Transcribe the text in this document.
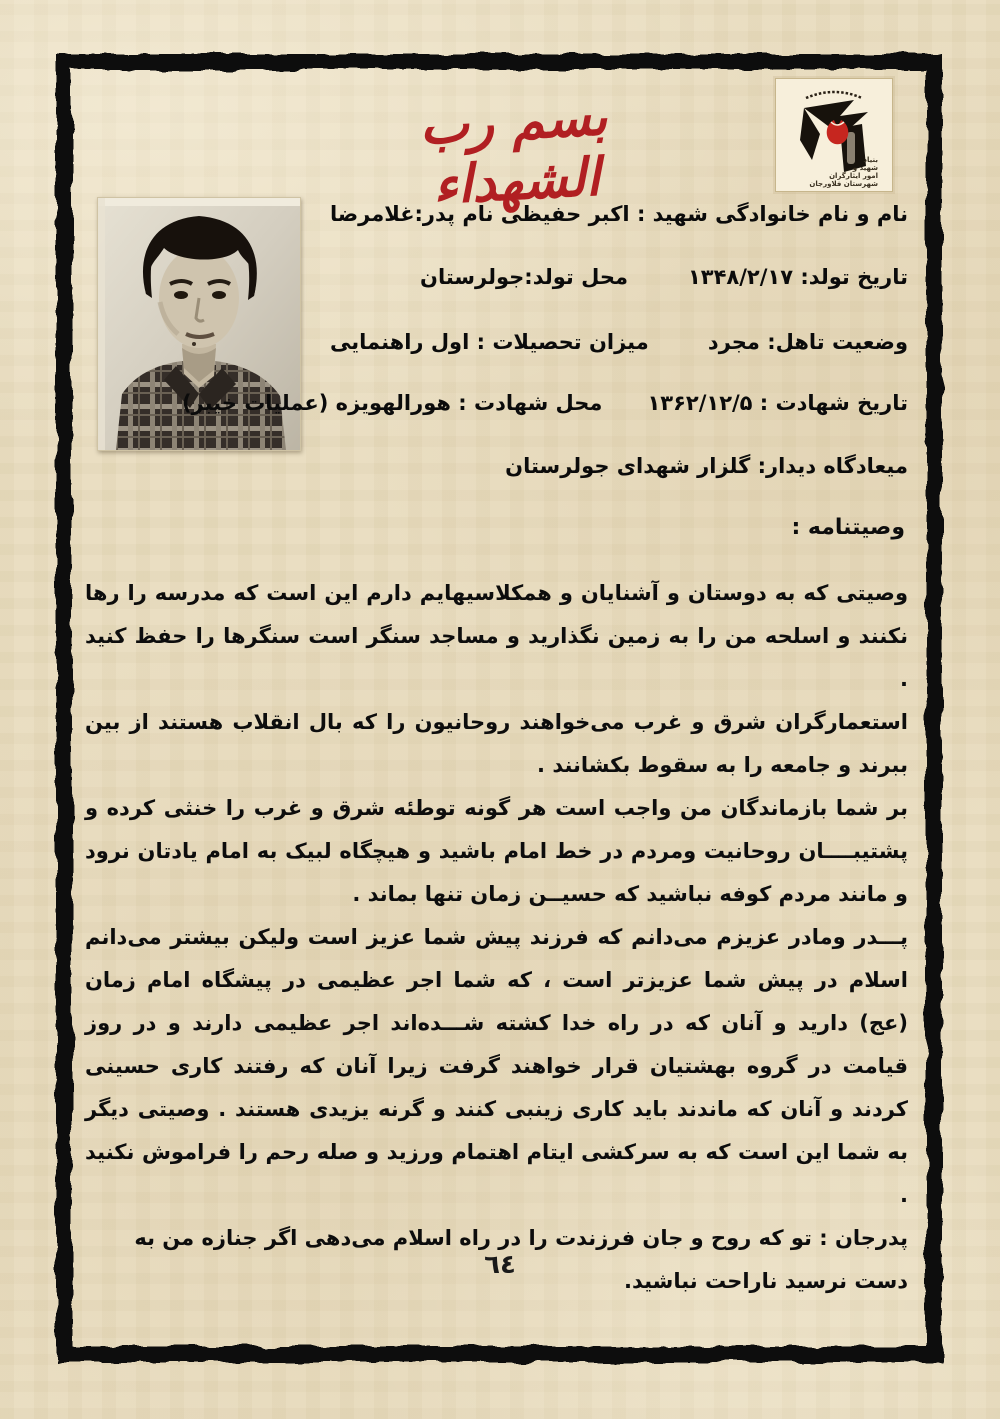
بسم رب الشهداء	بنیاد
شهید و
امور ایثارگران
شهرستان فلاورجان
نام و نام خانوادگی شهید : اکبر حفیظی
نام پدر:غلامرضا
تاریخ تولد: ۱۳۴۸/۲/۱۷
محل تولد:جولرستان
وضعیت تاهل: مجرد
میزان تحصیلات : اول راهنمایی
تاریخ شهادت : ۱۳۶۲/۱۲/۵
محل شهادت : هورالهویزه (عملیات خیبر)
میعادگاه دیدار: گلزار شهدای جولرستان
وصیتنامه :

وصیتی که به دوستان و آشنایان و همکلاسیهایم دارم این است که مدرسه را رها نکنند و اسلحه من را به زمین نگذارید و مساجد سنگر است سنگرها را حفظ کنید .

استعمارگران شرق و غرب می‌خواهند روحانیون را که بال انقلاب هستند از بین ببرند و جامعه را به سقوط بکشانند .

بر شما بازماندگان من واجب است هر گونه توطئه شرق و غرب را خنثی کرده و پشتیبــــان روحانیت ومردم در خط امام باشید و هیچگاه لبیک به امام یادتان نرود و مانند مردم کوفه نباشید که حسیــن زمان تنها بماند .

پـــدر ومادر عزیزم می‌دانم که فرزند پیش شما عزیز است ولیکن بیشتر می‌دانم اسلام در پیش شما عزیزتر است ، که شما اجر عظیمی در پیشگاه امام زمان (عج) دارید و آنان که در راه خدا کشته شـــده‌اند اجر عظیمی دارند و در روز قیامت در گروه بهشتیان قرار خواهند گرفت زیرا آنان که رفتند کاری حسینی کردند و آنان که ماندند باید کاری زینبی کنند و گرنه یزیدی هستند . وصیتی دیگر به شما این است که به سرکشی ایتام اهتمام ورزید و صله رحم را فراموش نکنید .

پدرجان : تو که روح و جان فرزندت را در راه اسلام می‌دهی اگر جنازه من به دست نرسید ناراحت نباشید.

٦٤
